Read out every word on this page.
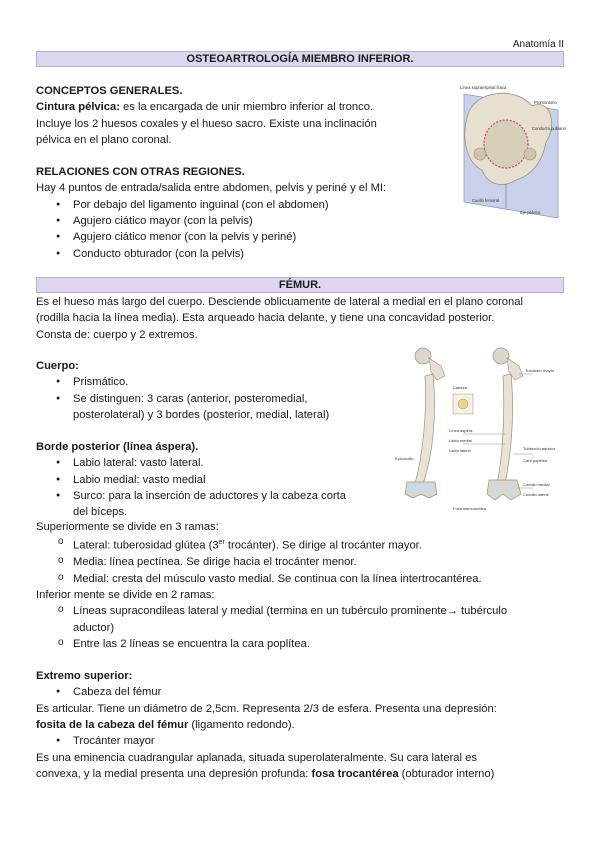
Anatomía II
OSTEOARTROLOGÍA MIEMBRO INFERIOR.
CONCEPTOS GENERALES.

Cintura pélvica: es la encargada de unir miembro inferior al tronco.

Incluye los 2 huesos coxales y el hueso sacro. Existe una inclinación

pélvica en el plano coronal.

RELACIONES CON OTRAS REGIONES.

Hay 4 puntos de entrada/salida entre abdomen, pelvis y periné y el MI:

● Por debajo del ligamento inguinal (con el abdomen)
● Agujero ciático mayor (con la pelvis)
● Agujero ciático menor (con la pelvis y periné)
● Conducto obturador (con la pelvis)
Línea supraespinal ilíaca
Promontorio
Conducto pubiano
Cuello femoral
Eje pélvico
FÉMUR.

Es el hueso más largo del cuerpo. Desciende oblicuamente de lateral a medial en el plano coronal

(rodilla hacia la línea media). Esta arqueado hacia delante, y tiene una concavidad posterior.

Consta de: cuerpo y 2 extremos.

Cuerpo:
● Prismático.
● Se distinguen: 3 caras (anterior, posteromedial,
posterolateral) y 3 bordes (posterior, medial, lateral)
Borde posterior (línea áspera).
● Labio lateral: vasto lateral.
● Labio medial: vasto medial
● Surco: para la inserción de aductores y la cabeza corta
del bíceps.
Trocánter mayor
Cabeza
Línea áspera
Labio medial
Labio lateral	Tubérculo aductor
Cara poplítea
Epicóndilo
Cóndilo medial
Cóndilo lateral
Fosa intercondílea

Superiormente se divide en 3 ramas:

o Lateral: tuberosidad glútea (3er trocánter). Se dirige al trocánter mayor.
o Media: línea pectínea. Se dirige hacia el trocánter menor.
o Medial: cresta del músculo vasto medial. Se continua con la línea intertrocantérea.

Inferior mente se divide en 2 ramas:

o Líneas supracondileas lateral y medial (termina en un tubérculo prominente→ tubérculo
aductor)
o Entre las 2 líneas se encuentra la cara poplítea.
Extremo superior:
● Cabeza del fémur

Es articular. Tiene un diámetro de 2,5cm. Representa 2/3 de esfera. Presenta una depresión:

fosita de la cabeza del fémur (ligamento redondo).

● Trocánter mayor

Es una eminencia cuadrangular aplanada, situada superolateralmente. Su cara lateral es

convexa, y la medial presenta una depresión profunda: fosa trocantérea (obturador interno)
